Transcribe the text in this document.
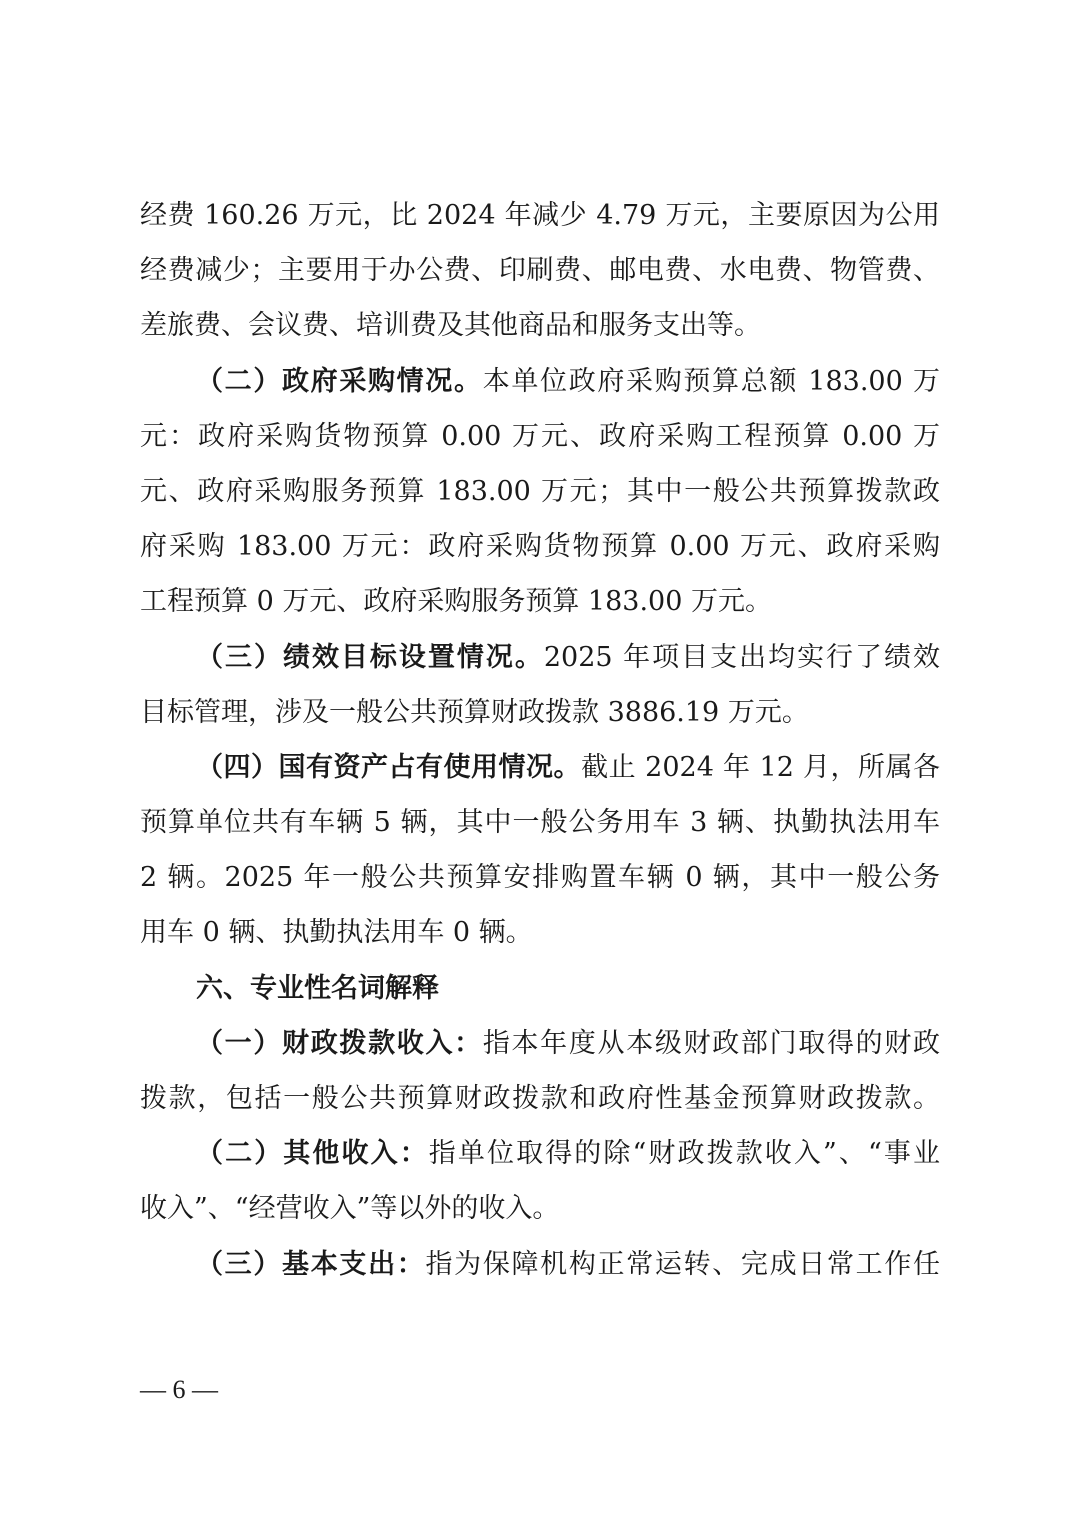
经费 160.26 万元，比 2024 年减少 4.79 万元，主要原因为公用
经费减少；主要用于办公费、印刷费、邮电费、水电费、物管费、
差旅费、会议费、培训费及其他商品和服务支出等。
（二）政府采购情况。本单位政府采购预算总额 183.00 万
元：政府采购货物预算 0.00 万元、政府采购工程预算 0.00 万
元、政府采购服务预算 183.00 万元；其中一般公共预算拨款政
府采购 183.00 万元：政府采购货物预算 0.00 万元、政府采购
工程预算 0 万元、政府采购服务预算 183.00 万元。
（三）绩效目标设置情况。2025 年项目支出均实行了绩效
目标管理，涉及一般公共预算财政拨款 3886.19 万元。
（四）国有资产占有使用情况。截止 2024 年 12 月，所属各
预算单位共有车辆 5 辆，其中一般公务用车 3 辆、执勤执法用车
2 辆。2025 年一般公共预算安排购置车辆 0 辆，其中一般公务
用车 0 辆、执勤执法用车 0 辆。
六、专业性名词解释
（一）财政拨款收入：指本年度从本级财政部门取得的财政
拨款，包括一般公共预算财政拨款和政府性基金预算财政拨款。
（二）其他收入：指单位取得的除“财政拨款收入”、“事业
收入”、“经营收入”等以外的收入。
（三）基本支出：指为保障机构正常运转、完成日常工作任
— 6 —
